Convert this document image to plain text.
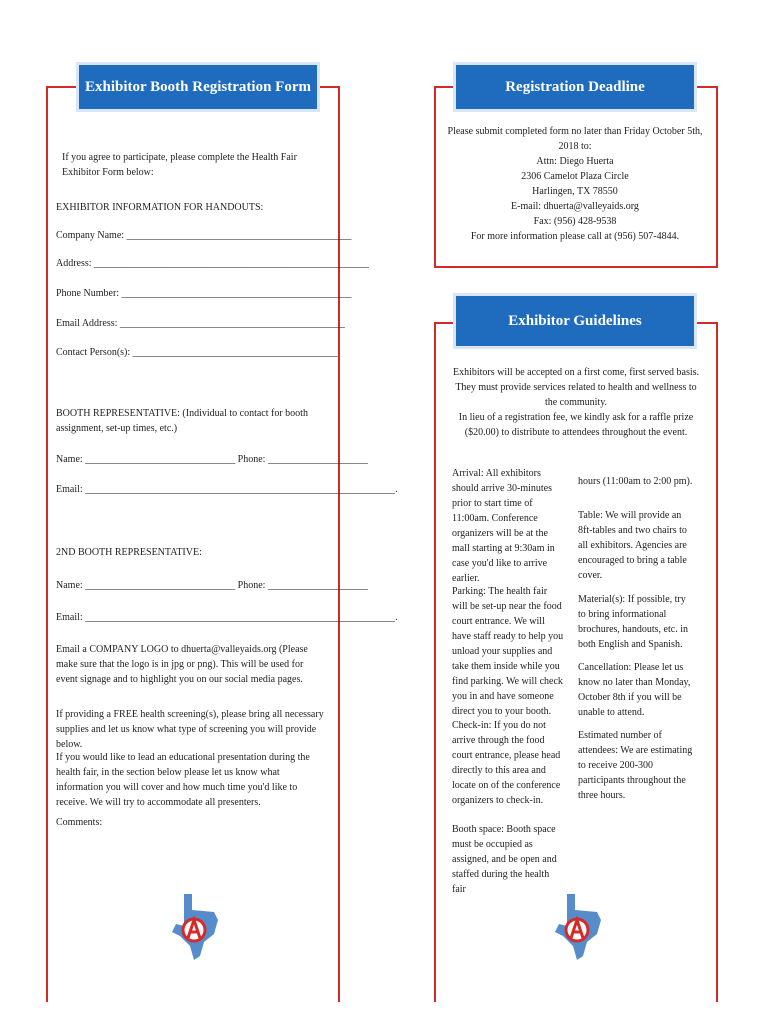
Exhibitor Booth Registration Form
If you agree to participate, please complete the Health Fair Exhibitor Form below:
EXHIBITOR INFORMATION FOR HANDOUTS:
Company Name: _____________________________________________
Address: _______________________________________________________
Phone Number: ______________________________________________
Email Address: _____________________________________________
Contact Person(s): _________________________________________
BOOTH REPRESENTATIVE: (Individual to contact for booth assignment, set-up times, etc.)
Name: ______________________________ Phone: ____________________
Email: ______________________________________________________________.
2ND BOOTH REPRESENTATIVE:
Name: ______________________________ Phone: ____________________
Email: ______________________________________________________________.
Email a COMPANY LOGO to dhuerta@valleyaids.org (Please make sure that the logo is in jpg or png). This will be used for event signage and to highlight you on our social media pages.
If providing a FREE health screening(s), please bring all necessary supplies and let us know what type of screening you will provide below.
If you would like to lead an educational presentation during the health fair, in the section below please let us know what information you will cover and how much time you'd like to receive. We will try to accommodate all presenters.
Comments:
Registration Deadline
Please submit completed form no later than Friday October 5th, 2018 to:
Attn: Diego Huerta
2306 Camelot Plaza Circle
Harlingen, TX 78550
E-mail: dhuerta@valleyaids.org
Fax: (956) 428-9538
For more information please call at (956) 507-4844.
Exhibitor Guidelines
Exhibitors will be accepted on a first come, first served basis. They must provide services related to health and wellness to the community.
In lieu of a registration fee, we kindly ask for a raffle prize ($20.00) to distribute to attendees throughout the event.
Arrival: All exhibitors should arrive 30-minutes prior to start time of 11:00am. Conference organizers will be at the mall starting at 9:30am in case you'd like to arrive earlier.
Parking: The health fair will be set-up near the food court entrance. We will have staff ready to help you unload your supplies and take them inside while you find parking. We will check you in and have someone direct you to your booth.
Check-in: If you do not arrive through the food court entrance, please head directly to this area and locate on of the conference organizers to check-in.
Booth space: Booth space must be occupied as assigned, and be open and staffed during the health fair
hours (11:00am to 2:00 pm).
Table: We will provide an 8ft-tables and two chairs to all exhibitors. Agencies are encouraged to bring a table cover.
Material(s): If possible, try to bring informational brochures, handouts, etc. in both English and Spanish.
Cancellation: Please let us know no later than Monday, October 8th if you will be unable to attend.
Estimated number of attendees: We are estimating to receive 200-300 participants throughout the three hours.
